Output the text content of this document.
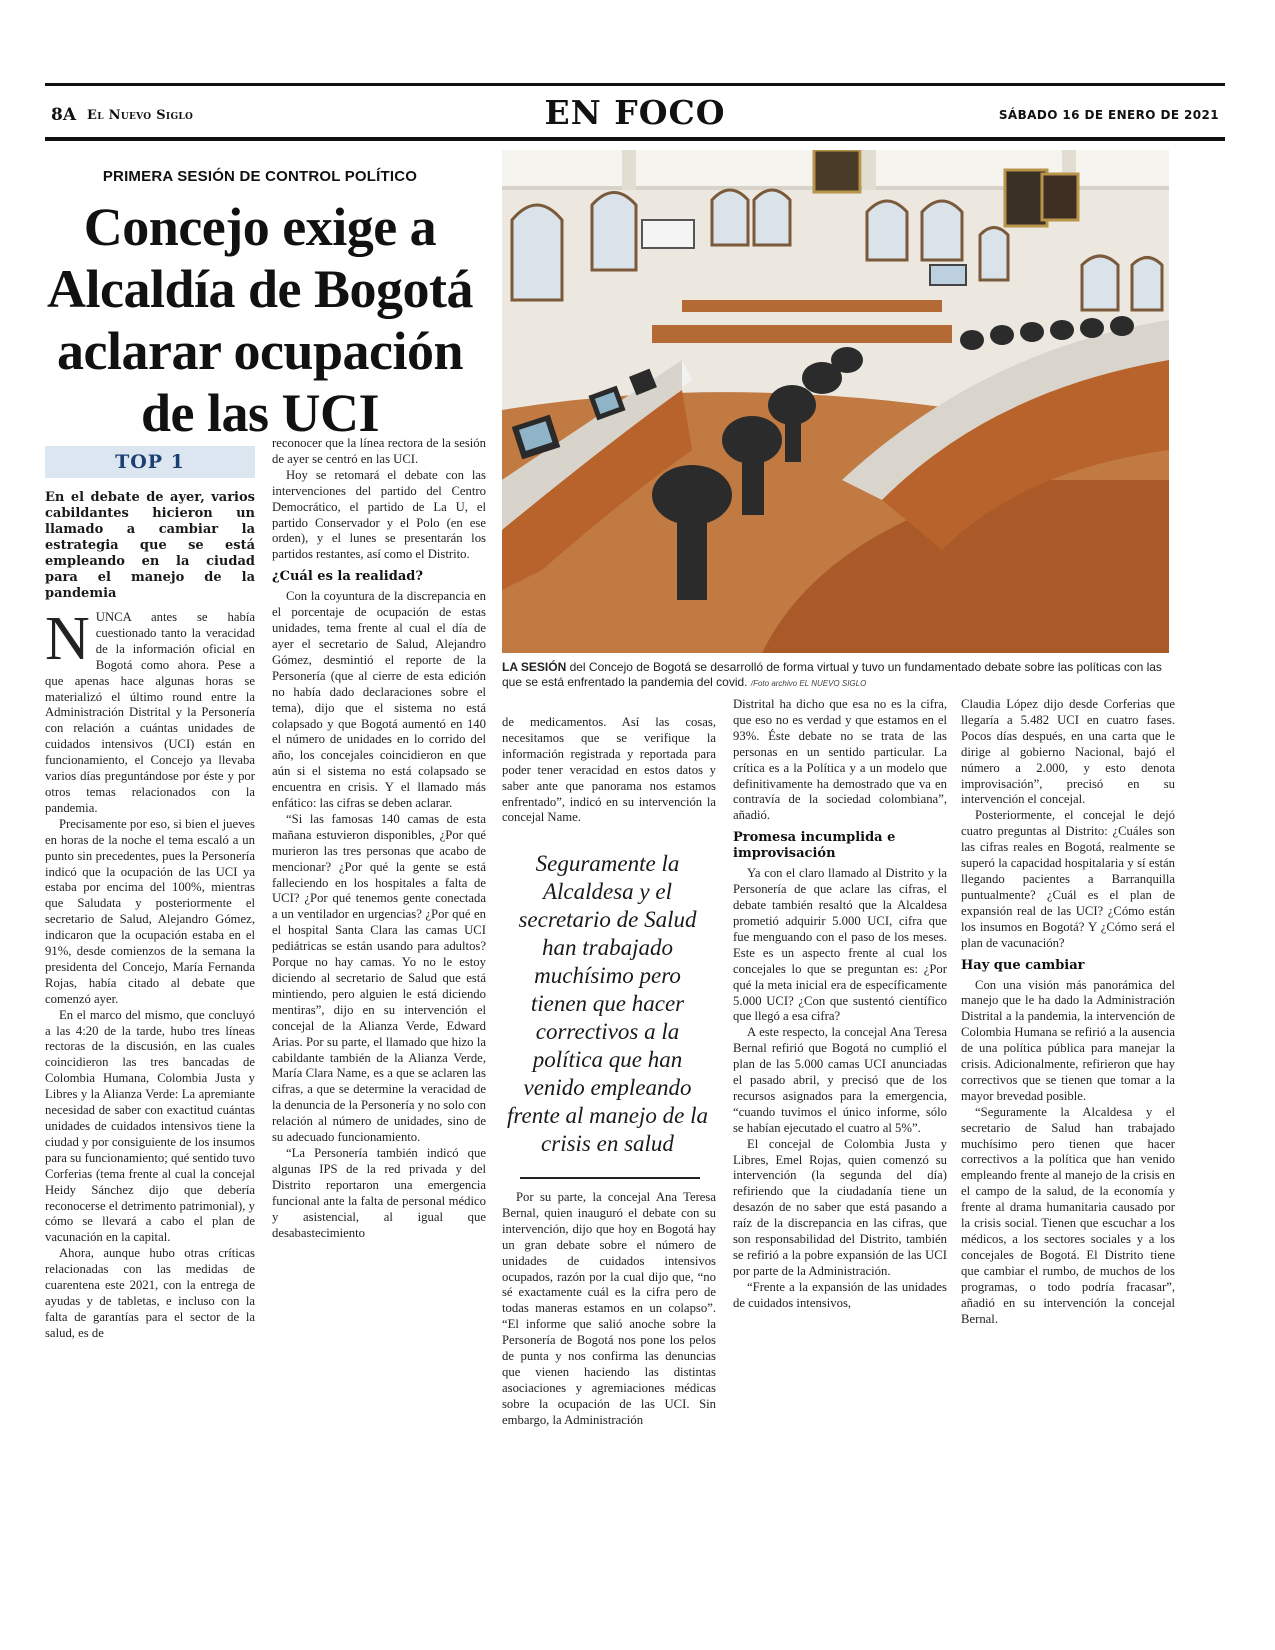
8A El Nuevo Siglo	EN FOCO	SÁBADO 16 DE ENERO DE 2021
PRIMERA SESIÓN DE CONTROL POLÍTICO
Concejo exige a
Alcaldía de Bogotá
aclarar ocupación
de las UCI
TOP 1
En el debate de ayer, varios cabildantes hicieron un llamado a cambiar la estrategia que se está empleando en la ciudad para el manejo de la pandemia

NUNCA antes se había cuestionado tanto la veracidad de la información oficial en Bogotá como ahora. Pese a que apenas hace algunas horas se materializó el último round entre la Administración Distrital y la Personería con relación a cuántas unidades de cuidados intensivos (UCI) están en funcionamiento, el Concejo ya llevaba varios días preguntándose por éste y por otros temas relacionados con la pandemia.

Precisamente por eso, si bien el jueves en horas de la noche el tema escaló a un punto sin precedentes, pues la Personería indicó que la ocupación de las UCI ya estaba por encima del 100%, mientras que Saludata y posteriormente el secretario de Salud, Alejandro Gómez, indicaron que la ocupación estaba en el 91%, desde comienzos de la semana la presidenta del Concejo, María Fernanda Rojas, había citado al debate que comenzó ayer.

En el marco del mismo, que concluyó a las 4:20 de la tarde, hubo tres líneas rectoras de la discusión, en las cuales coincidieron las tres bancadas de Colombia Humana, Colombia Justa y Libres y la Alianza Verde: La apremiante necesidad de saber con exactitud cuántas unidades de cuidados intensivos tiene la ciudad y por consiguiente de los insumos para su funcionamiento; qué sentido tuvo Corferias (tema frente al cual la concejal Heidy Sánchez dijo que debería reconocerse el detrimento patrimonial), y cómo se llevará a cabo el plan de vacunación en la capital.

Ahora, aunque hubo otras críticas relacionadas con las medidas de cuarentena este 2021, con la entrega de ayudas y de tabletas, e incluso con la falta de garantías para el sector de la salud, es de

reconocer que la línea rectora de la sesión de ayer se centró en las UCI.

Hoy se retomará el debate con las intervenciones del partido del Centro Democrático, el partido de La U, el partido Conservador y el Polo (en ese orden), y el lunes se presentarán los partidos restantes, así como el Distrito.

¿Cuál es la realidad?

Con la coyuntura de la discrepancia en el porcentaje de ocupación de estas unidades, tema frente al cual el día de ayer el secretario de Salud, Alejandro Gómez, desmintió el reporte de la Personería (que al cierre de esta edición no había dado declaraciones sobre el tema), dijo que el sistema no está colapsado y que Bogotá aumentó en 140 el número de unidades en lo corrido del año, los concejales coincidieron en que aún si el sistema no está colapsado se encuentra en crisis. Y el llamado más enfático: las cifras se deben aclarar.

“Si las famosas 140 camas de esta mañana estuvieron disponibles, ¿Por qué murieron las tres personas que acabo de mencionar? ¿Por qué la gente se está falleciendo en los hospitales a falta de UCI? ¿Por qué tenemos gente conectada a un ventilador en urgencias? ¿Por qué en el hospital Santa Clara las camas UCI pediátricas se están usando para adultos? Porque no hay camas. Yo no le estoy diciendo al secretario de Salud que está mintiendo, pero alguien le está diciendo mentiras”, dijo en su intervención el concejal de la Alianza Verde, Edward Arias. Por su parte, el llamado que hizo la cabildante también de la Alianza Verde, María Clara Name, es a que se aclaren las cifras, a que se determine la veracidad de la denuncia de la Personería y no solo con relación al número de unidades, sino de su adecuado funcionamiento.

“La Personería también indicó que algunas IPS de la red privada y del Distrito reportaron una emergencia funcional ante la falta de personal médico y asistencial, al igual que desabastecimiento

LA SESIÓN del Concejo de Bogotá se desarrolló de forma virtual y tuvo un fundamentado debate sobre las políticas con las que se está enfrentado la pandemia del covid. /Foto archivo EL NUEVO SIGLO

de medicamentos. Así las cosas, necesitamos que se verifique la información registrada y reportada para poder tener veracidad en estos datos y saber ante que panorama nos estamos enfrentado”, indicó en su intervención la concejal Name.

Seguramente la Alcaldesa y el secretario de Salud han trabajado muchísimo pero tienen que hacer correctivos a la política que han venido empleando frente al manejo de la crisis en salud

Por su parte, la concejal Ana Teresa Bernal, quien inauguró el debate con su intervención, dijo que hoy en Bogotá hay un gran debate sobre el número de unidades de cuidados intensivos ocupados, razón por la cual dijo que, “no sé exactamente cuál es la cifra pero de todas maneras estamos en un colapso”. “El informe que salió anoche sobre la Personería de Bogotá nos pone los pelos de punta y nos confirma las denuncias que vienen haciendo las distintas asociaciones y agremiaciones médicas sobre la ocupación de las UCI. Sin embargo, la Administración

Distrital ha dicho que esa no es la cifra, que eso no es verdad y que estamos en el 93%. Éste debate no se trata de las personas en un sentido particular. La crítica es a la Política y a un modelo que definitivamente ha demostrado que va en contravía de la sociedad colombiana”, añadió.

Promesa incumplida e improvisación

Ya con el claro llamado al Distrito y la Personería de que aclare las cifras, el debate también resaltó que la Alcaldesa prometió adquirir 5.000 UCI, cifra que fue menguando con el paso de los meses. Este es un aspecto frente al cual los concejales lo que se preguntan es: ¿Por qué la meta inicial era de específicamente 5.000 UCI? ¿Con que sustentó científico que llegó a esa cifra?

A este respecto, la concejal Ana Teresa Bernal refirió que Bogotá no cumplió el plan de las 5.000 camas UCI anunciadas el pasado abril, y precisó que de los recursos asignados para la emergencia, “cuando tuvimos el único informe, sólo se habían ejecutado el cuatro al 5%”.

El concejal de Colombia Justa y Libres, Emel Rojas, quien comenzó su intervención (la segunda del día) refiriendo que la ciudadanía tiene un desazón de no saber que está pasando a raíz de la discrepancia en las cifras, que son responsabilidad del Distrito, también se refirió a la pobre expansión de las UCI por parte de la Administración.

“Frente a la expansión de las unidades de cuidados intensivos,

Claudia López dijo desde Corferias que llegaría a 5.482 UCI en cuatro fases. Pocos días después, en una carta que le dirige al gobierno Nacional, bajó el número a 2.000, y esto denota improvisación”, precisó en su intervención el concejal.

Posteriormente, el concejal le dejó cuatro preguntas al Distrito: ¿Cuáles son las cifras reales en Bogotá, realmente se superó la capacidad hospitalaria y sí están llegando pacientes a Barranquilla puntualmente? ¿Cuál es el plan de expansión real de las UCI? ¿Cómo están los insumos en Bogotá? Y ¿Cómo será el plan de vacunación?

Hay que cambiar

Con una visión más panorámica del manejo que le ha dado la Administración Distrital a la pandemia, la intervención de Colombia Humana se refirió a la ausencia de una política pública para manejar la crisis. Adicionalmente, refirieron que hay correctivos que se tienen que tomar a la mayor brevedad posible.

“Seguramente la Alcaldesa y el secretario de Salud han trabajado muchísimo pero tienen que hacer correctivos a la política que han venido empleando frente al manejo de la crisis en el campo de la salud, de la economía y frente al drama humanitaria causado por la crisis social. Tienen que escuchar a los médicos, a los sectores sociales y a los concejales de Bogotá. El Distrito tiene que cambiar el rumbo, de muchos de los programas, o todo podría fracasar”, añadió en su intervención la concejal Bernal.
